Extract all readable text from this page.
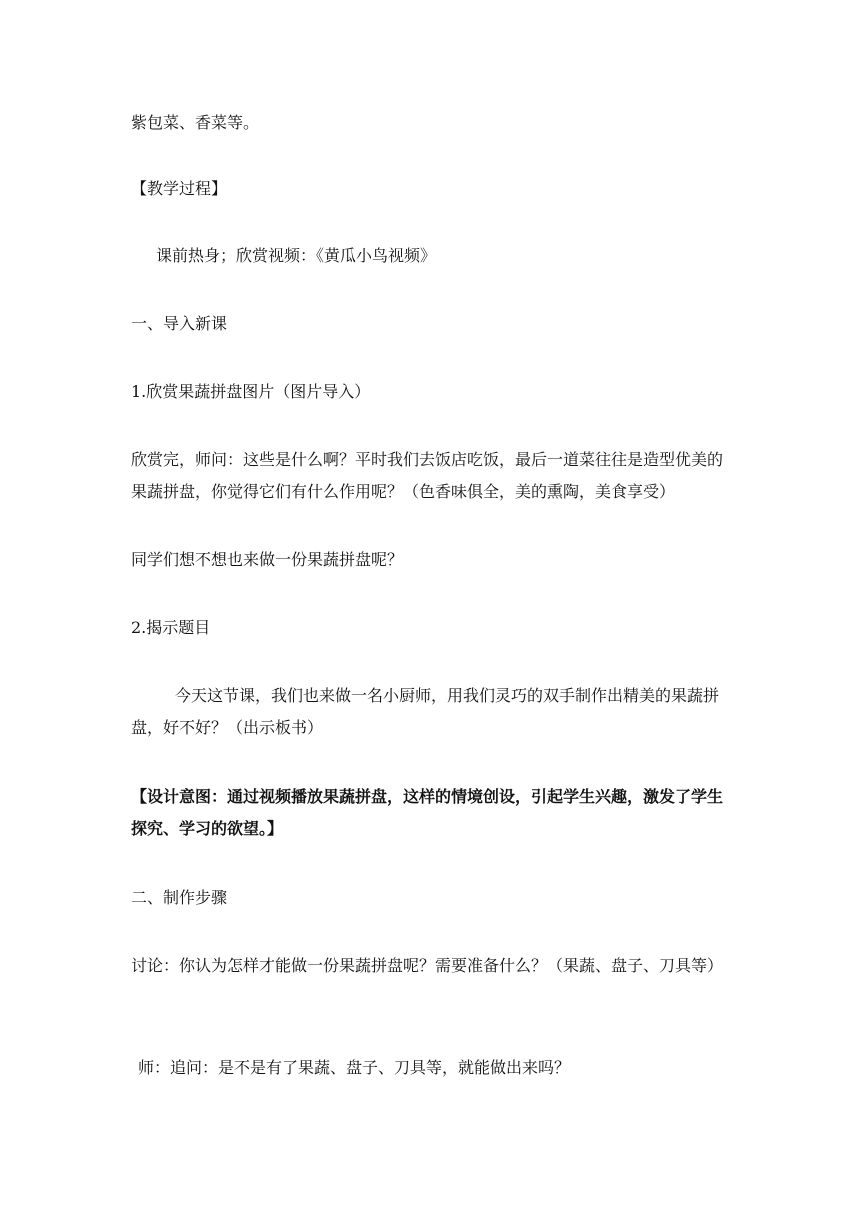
紫包菜、香菜等。

【教学过程】

课前热身；欣赏视频：《黄瓜小鸟视频》

一、导入新课

1.欣赏果蔬拼盘图片（图片导入）

欣赏完，师问：这些是什么啊？平时我们去饭店吃饭，最后一道菜往往是造型优美的果蔬拼盘，你觉得它们有什么作用呢？（色香味俱全，美的熏陶，美食享受）

同学们想不想也来做一份果蔬拼盘呢？

2.揭示题目

今天这节课，我们也来做一名小厨师，用我们灵巧的双手制作出精美的果蔬拼盘，好不好？（出示板书）

【设计意图：通过视频播放果蔬拼盘，这样的情境创设，引起学生兴趣，激发了学生探究、学习的欲望。】

二、制作步骤

讨论：你认为怎样才能做一份果蔬拼盘呢？需要准备什么？（果蔬、盘子、刀具等）

师：追问：是不是有了果蔬、盘子、刀具等，就能做出来吗？
